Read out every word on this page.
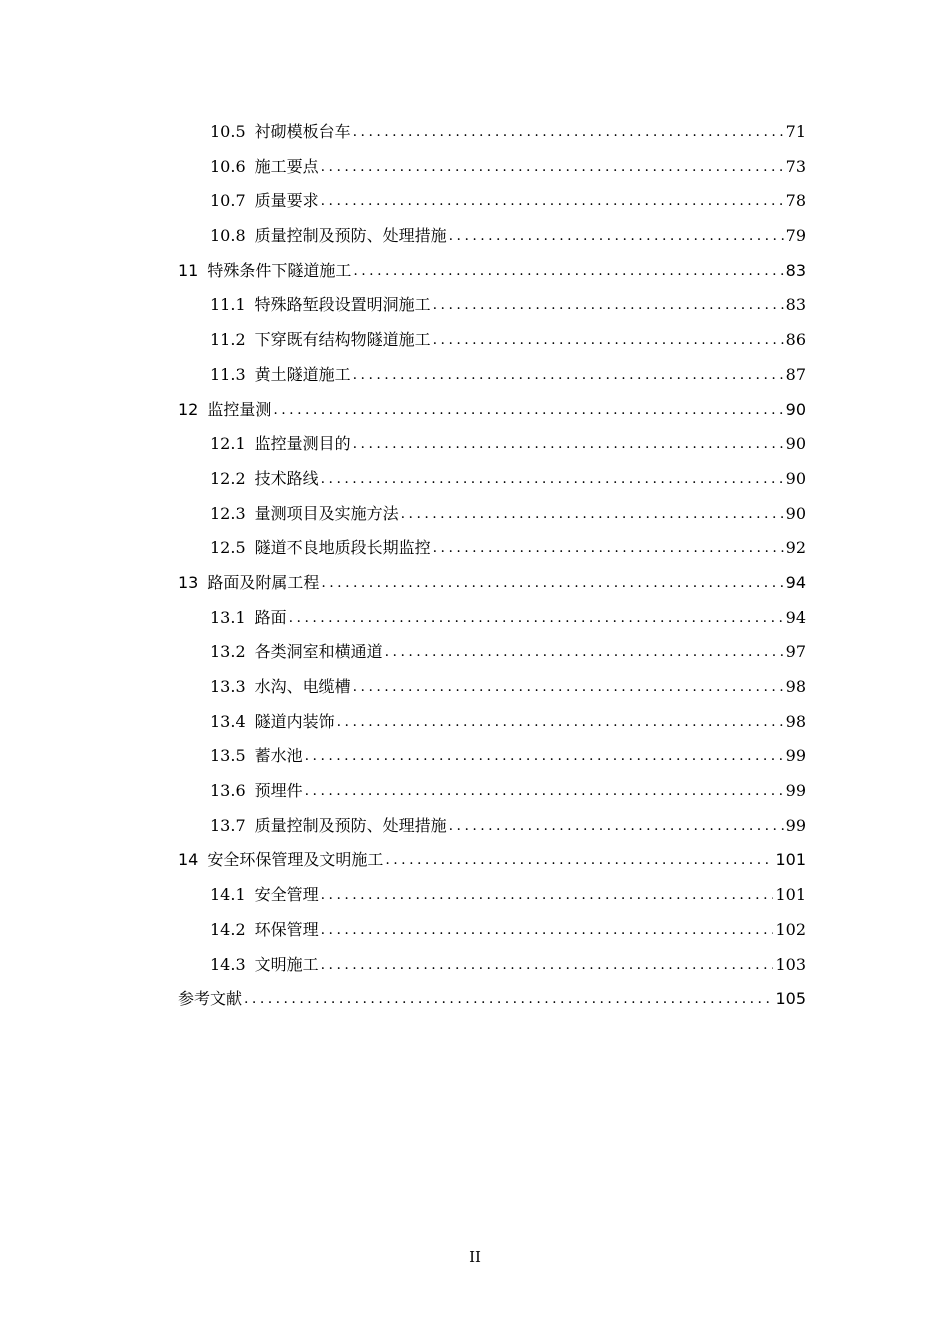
10.5 衬砌模板台车 . . .	71
10.6 施工要点 . . .	73
10.7 质量要求 . . .	78
10.8 质量控制及预防、处理措施 . . .	79
11 特殊条件下隧道施工 . . .	83
11.1 特殊路堑段设置明洞施工 . . .	83
11.2 下穿既有结构物隧道施工 . . .	86
11.3 黄土隧道施工 . . .	87
12 监控量测 . . .	90
12.1 监控量测目的 . . .	90
12.2 技术路线 . . .	90
12.3 量测项目及实施方法 . . .	90
12.5 隧道不良地质段长期监控 . . .	92
13 路面及附属工程 . . .	94
13.1 路面 . . .	94
13.2 各类洞室和横通道 . . .	97
13.3 水沟、电缆槽 . . .	98
13.4 隧道内装饰 . . .	98
13.5 蓄水池 . . .	99
13.6 预埋件 . . .	99
13.7 质量控制及预防、处理措施 . . .	99
14 安全环保管理及文明施工 . . .	101
14.1 安全管理 . . .	101
14.2 环保管理 . . .	102
14.3 文明施工 . . .	103
参考文献 . . .	105
II
